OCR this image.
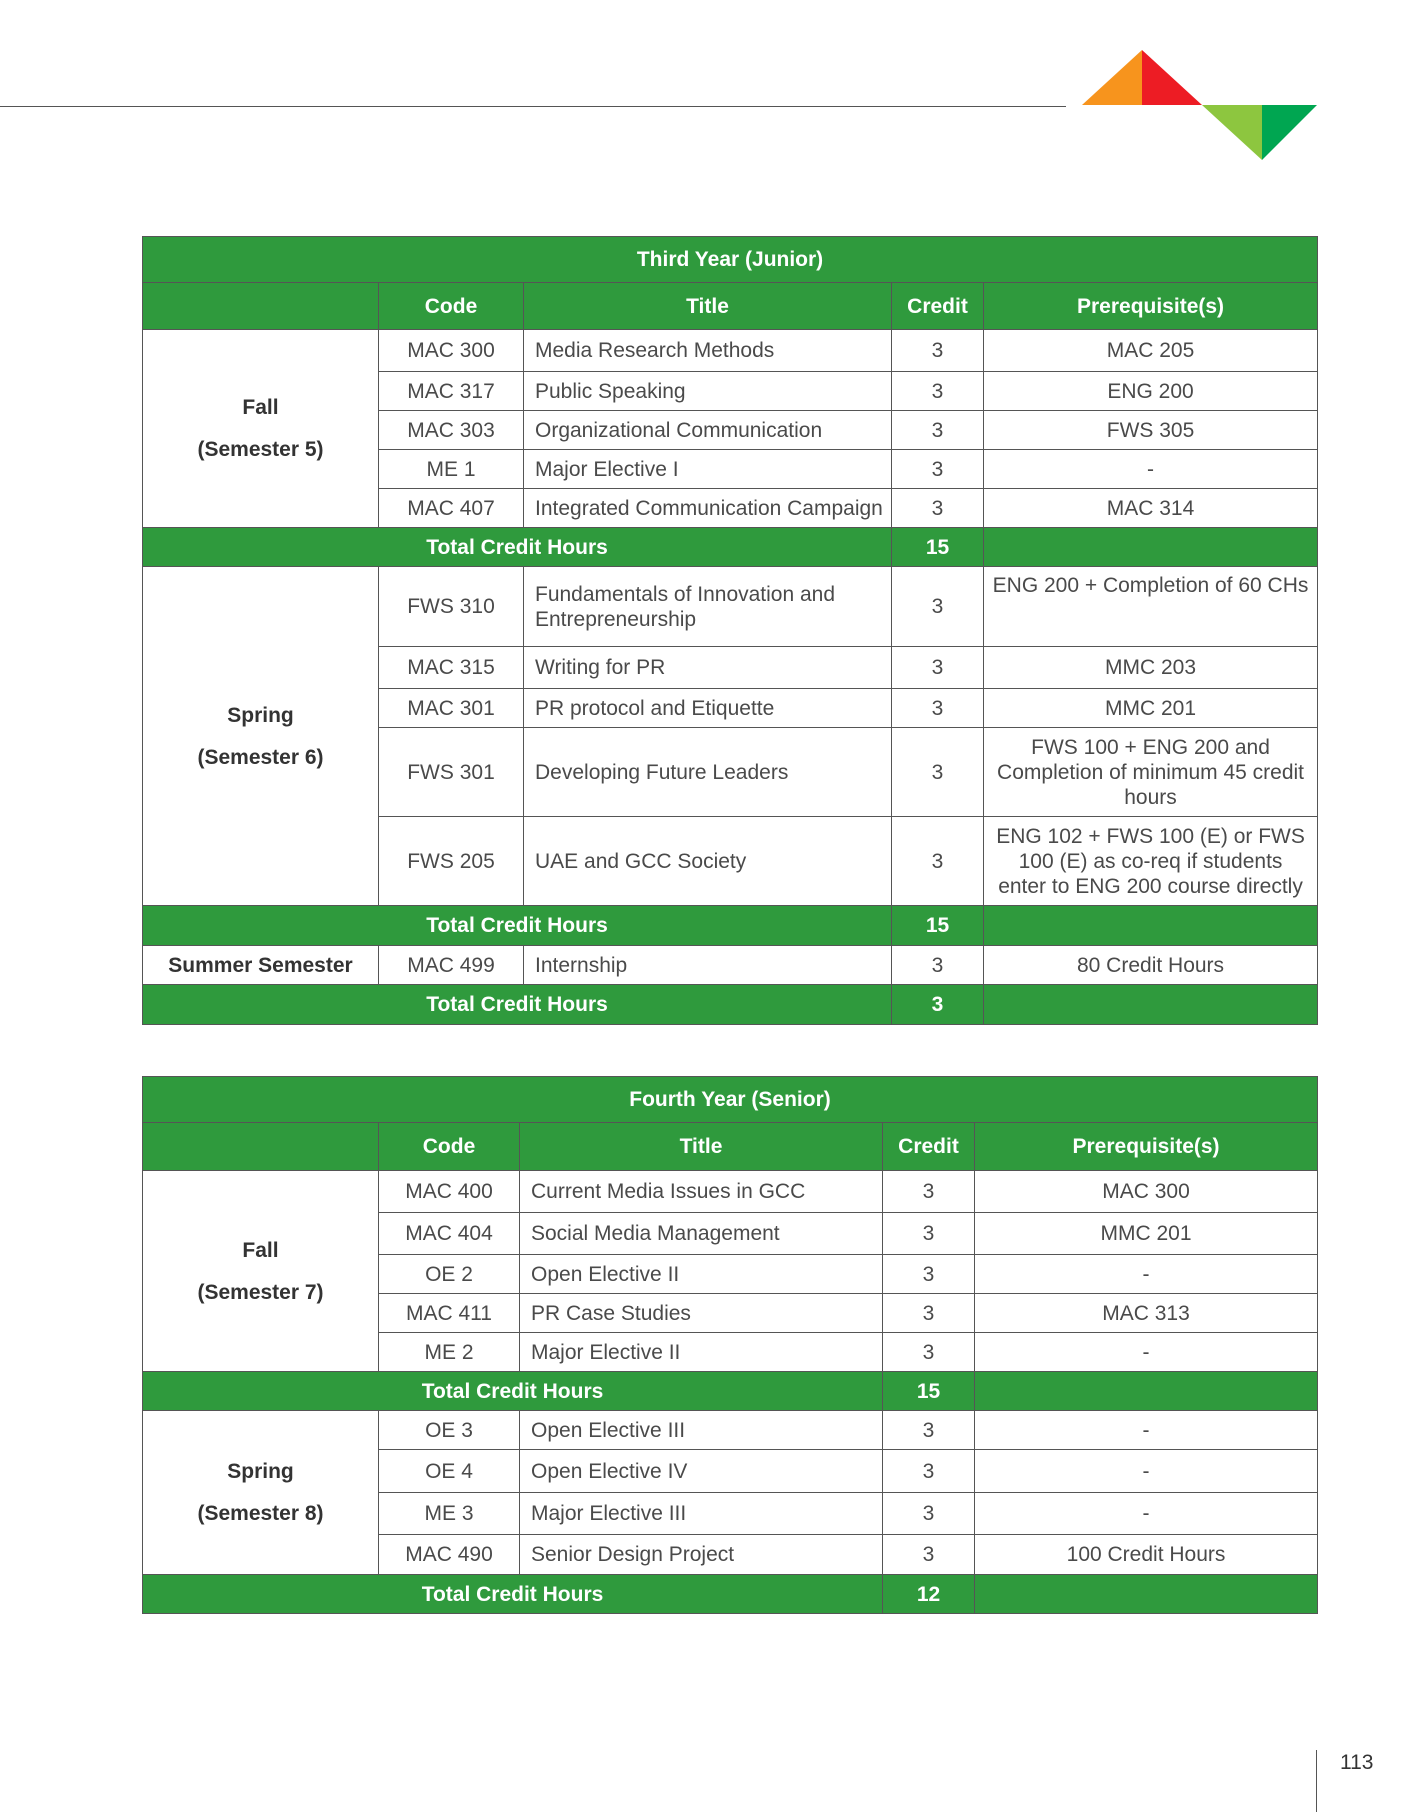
Third Year (Junior)				
	Code	Title	Credit	Prerequisite(s)
Fall
(Semester 5)	MAC 300	Media Research Methods	3	MAC 205
	MAC 317	Public Speaking	3	ENG 200
	MAC 303	Organizational Communication	3	FWS 305
	ME 1	Major Elective I	3	-
	MAC 407	Integrated Communication Campaign	3	MAC 314
Total Credit Hours			15	
Spring
(Semester 6)	FWS 310	Fundamentals of Innovation and Entrepreneurship	3	ENG 200 + Completion of 60 CHs
	MAC 315	Writing for PR	3	MMC 203
	MAC 301	PR protocol and Etiquette	3	MMC 201
	FWS 301	Developing Future Leaders	3	FWS 100 + ENG 200 and Completion of minimum 45 credit hours
	FWS 205	UAE and GCC Society	3	ENG 102 + FWS 100 (E) or FWS 100 (E) as co-req if students enter to ENG 200 course directly
Total Credit Hours			15	
Summer Semester	MAC 499	Internship	3	80 Credit Hours
Total Credit Hours			3	
Fourth Year (Senior)				
	Code	Title	Credit	Prerequisite(s)
Fall
(Semester 7)	MAC 400	Current Media Issues in GCC	3	MAC 300
	MAC 404	Social Media Management	3	MMC 201
	OE 2	Open Elective II	3	-
	MAC 411	PR Case Studies	3	MAC 313
	ME 2	Major Elective II	3	-
Total Credit Hours			15	
Spring
(Semester 8)	OE 3	Open Elective III	3	-
	OE 4	Open Elective IV	3	-
	ME 3	Major Elective III	3	-
	MAC 490	Senior Design Project	3	100 Credit Hours
Total Credit Hours			12	
113
